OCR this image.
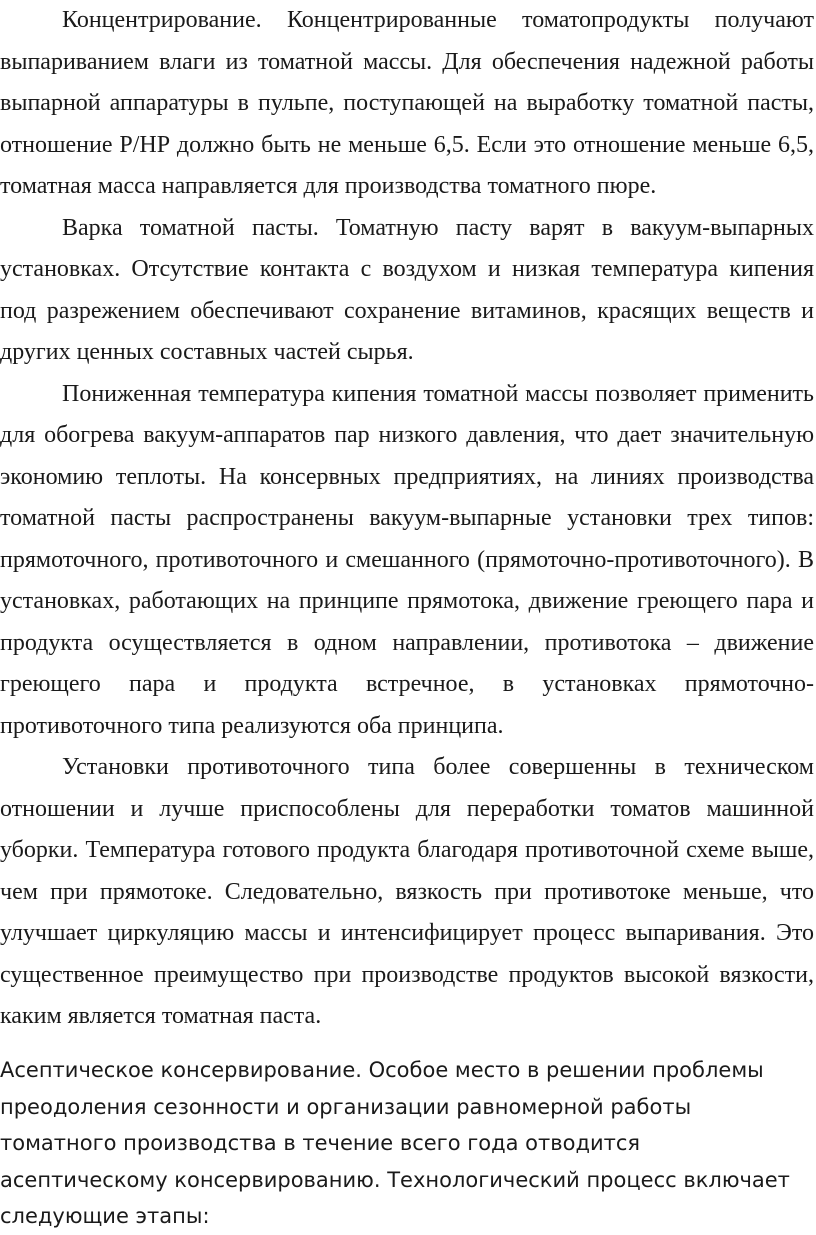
Концентрирование. Концентрированные томатопродукты получают выпариванием влаги из томатной массы. Для обеспечения надежной работы выпарной аппаратуры в пульпе, поступающей на выработку томатной пасты, отношение Р/НР должно быть не меньше 6,5. Если это отношение меньше 6,5, томатная масса направляется для производства томатного пюре.

Варка томатной пасты. Томатную пасту варят в вакуум-выпарных установках. Отсутствие контакта с воздухом и низкая температура кипения под разрежением обеспечивают сохранение витаминов, красящих веществ и других ценных составных частей сырья.

Пониженная температура кипения томатной массы позволяет применить для обогрева вакуум-аппаратов пар низкого давления, что дает значительную экономию теплоты. На консервных предприятиях, на линиях производства томатной пасты распространены вакуум-выпарные установки трех типов: прямоточного, противоточного и смешанного (прямоточно-противоточного). В установках, работающих на принципе прямотока, движение греющего пара и продукта осуществляется в одном направлении, противотока – движение греющего пара и продукта встречное, в установках прямоточно-противоточного типа реализуются оба принципа.

Установки противоточного типа более совершенны в техническом отношении и лучше приспособлены для переработки томатов машинной уборки. Температура готового продукта благодаря противоточной схеме выше, чем при прямотоке. Следовательно, вязкость при противотоке меньше, что улучшает циркуляцию массы и интенсифицирует процесс выпаривания. Это существенное преимущество при производстве продуктов высокой вязкости, каким является томатная паста.

Асептическое консервирование. Особое место в решении проблемы преодоления сезонности и организации равномерной работы томатного производства в течение всего года отводится асептическому консервированию. Технологический процесс включает следующие этапы:
